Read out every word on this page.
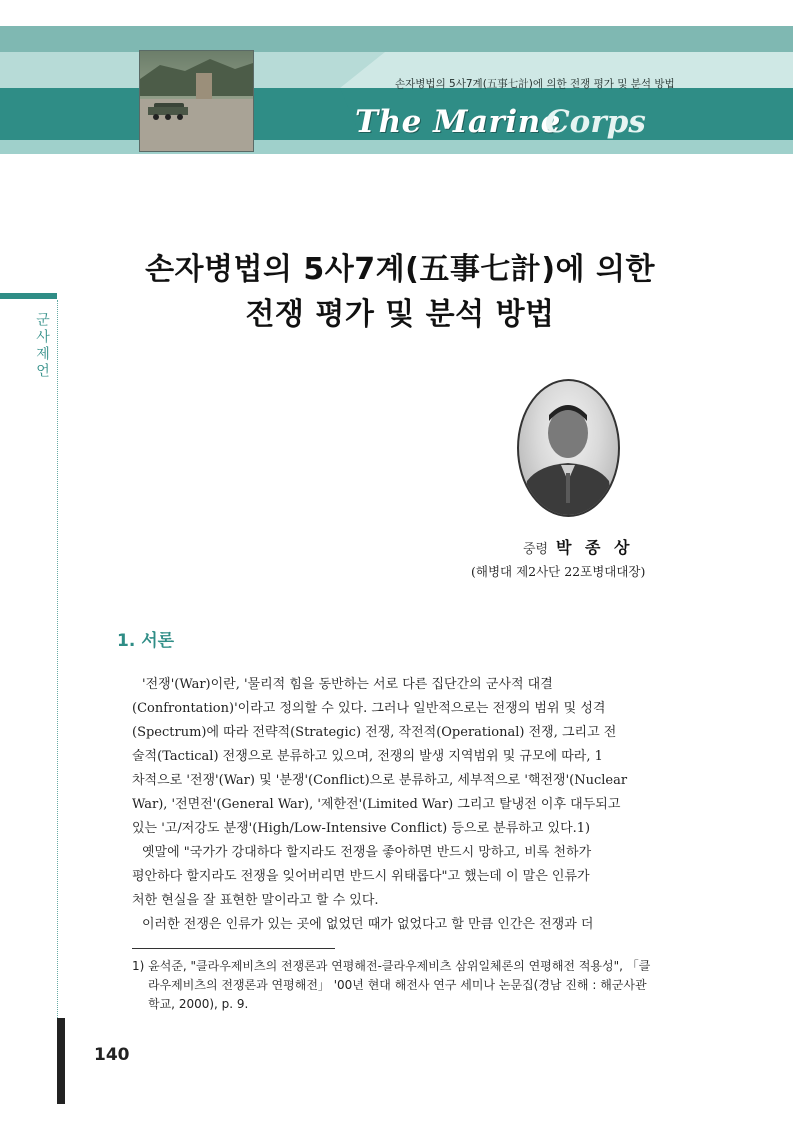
손자병법의 5사7계(五事七計)에 의한 전쟁 평가 및 분석 방법
The Marine
Corps
군사제언
손자병법의 5사7계(五事七計)에 의한
전쟁 평가 및 분석 방법
중령 박 종 상
(해병대 제2사단 22포병대대장)
1. 서론
'전쟁'(War)이란, '물리적 힘을 동반하는 서로 다른 집단간의 군사적 대결
(Confrontation)'이라고 정의할 수 있다. 그러나 일반적으로는 전쟁의 범위 및 성격
(Spectrum)에 따라 전략적(Strategic) 전쟁, 작전적(Operational) 전쟁, 그리고 전
술적(Tactical) 전쟁으로 분류하고 있으며, 전쟁의 발생 지역범위 및 규모에 따라, 1
차적으로 '전쟁'(War) 및 '분쟁'(Conflict)으로 분류하고, 세부적으로 '핵전쟁'(Nuclear
War), '전면전'(General War), '제한전'(Limited War) 그리고 탈냉전 이후 대두되고
있는 '고/저강도 분쟁'(High/Low-Intensive Conflict) 등으로 분류하고 있다.1)
옛말에 "국가가 강대하다 할지라도 전쟁을 좋아하면 반드시 망하고, 비록 천하가
평안하다 할지라도 전쟁을 잊어버리면 반드시 위태롭다"고 했는데 이 말은 인류가
처한 현실을 잘 표현한 말이라고 할 수 있다.
이러한 전쟁은 인류가 있는 곳에 없었던 때가 없었다고 할 만큼 인간은 전쟁과 더
1) 윤석준, "클라우제비츠의 전쟁론과 연평해전-클라우제비츠 삼위일체론의 연평해전 적용성", 「클
라우제비츠의 전쟁론과 연평해전」 '00년 현대 해전사 연구 세미나 논문집(경남 진해 : 해군사관
학교, 2000), p. 9.
140
